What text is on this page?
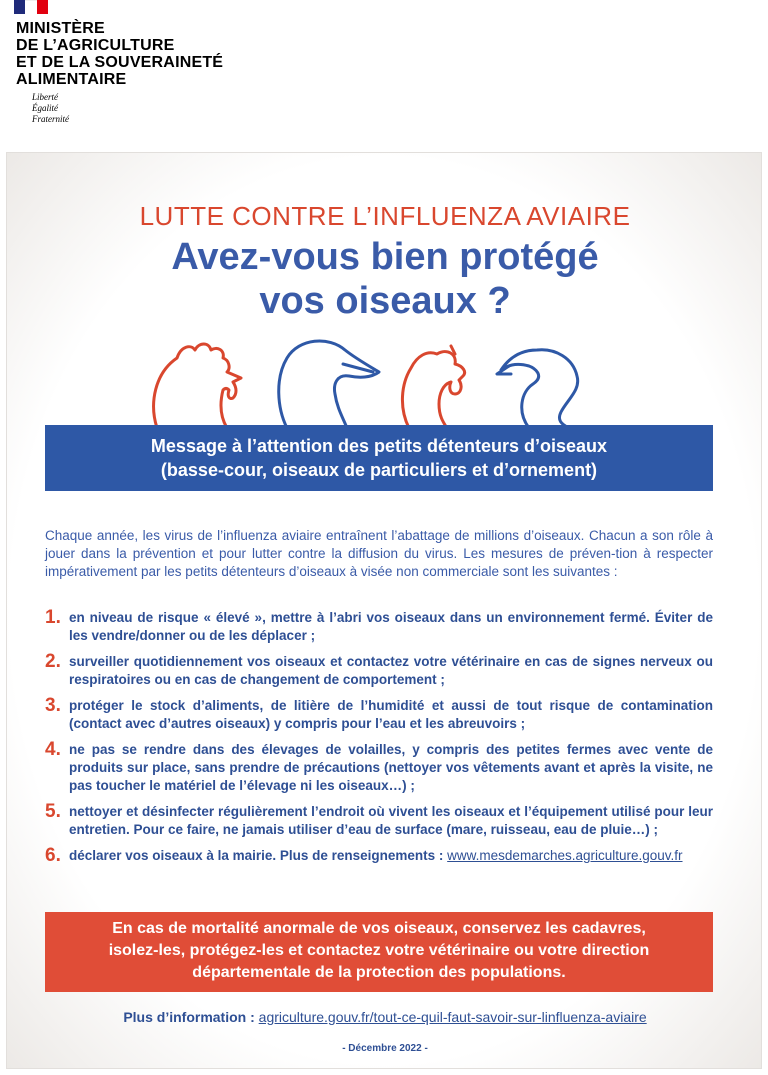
MINISTÈRE
DE L’AGRICULTURE
ET DE LA SOUVERAINETÉ
ALIMENTAIRE
Liberté
Égalité
Fraternité
LUTTE CONTRE L’INFLUENZA AVIAIRE
Avez-vous bien protégé
vos oiseaux ?
Message à l’attention des petits détenteurs d’oiseaux
(basse-cour, oiseaux de particuliers et d’ornement)

Chaque année, les virus de l’influenza aviaire entraînent l’abattage de millions d’oiseaux. Chacun a son rôle à jouer dans la prévention et pour lutter contre la diffusion du virus. Les mesures de préven-tion à respecter impérativement par les petits détenteurs d’oiseaux à visée non commerciale sont les suivantes :

1. en niveau de risque « élevé », mettre à l’abri vos oiseaux dans un environnement fermé. Éviter de les vendre/donner ou de les déplacer ;
2. surveiller quotidiennement vos oiseaux et contactez votre vétérinaire en cas de signes nerveux ou respiratoires ou en cas de changement de comportement ;
3. protéger le stock d’aliments, de litière de l’humidité et aussi de tout risque de contamination (contact avec d’autres oiseaux) y compris pour l’eau et les abreuvoirs ;
4. ne pas se rendre dans des élevages de volailles, y compris des petites fermes avec vente de produits sur place, sans prendre de précautions (nettoyer vos vêtements avant et après la visite, ne pas toucher le matériel de l’élevage ni les oiseaux…) ;
5. nettoyer et désinfecter régulièrement l’endroit où vivent les oiseaux et l’équipement utilisé pour leur entretien. Pour ce faire, ne jamais utiliser d’eau de surface (mare, ruisseau, eau de pluie…) ;
6. déclarer vos oiseaux à la mairie. Plus de renseignements : www.mesdemarches.agriculture.gouv.fr
En cas de mortalité anormale de vos oiseaux, conservez les cadavres,
isolez-les, protégez-les et contactez votre vétérinaire ou votre direction
départementale de la protection des populations.
Plus d’information : agriculture.gouv.fr/tout-ce-quil-faut-savoir-sur-linfluenza-aviaire
- Décembre 2022 -
